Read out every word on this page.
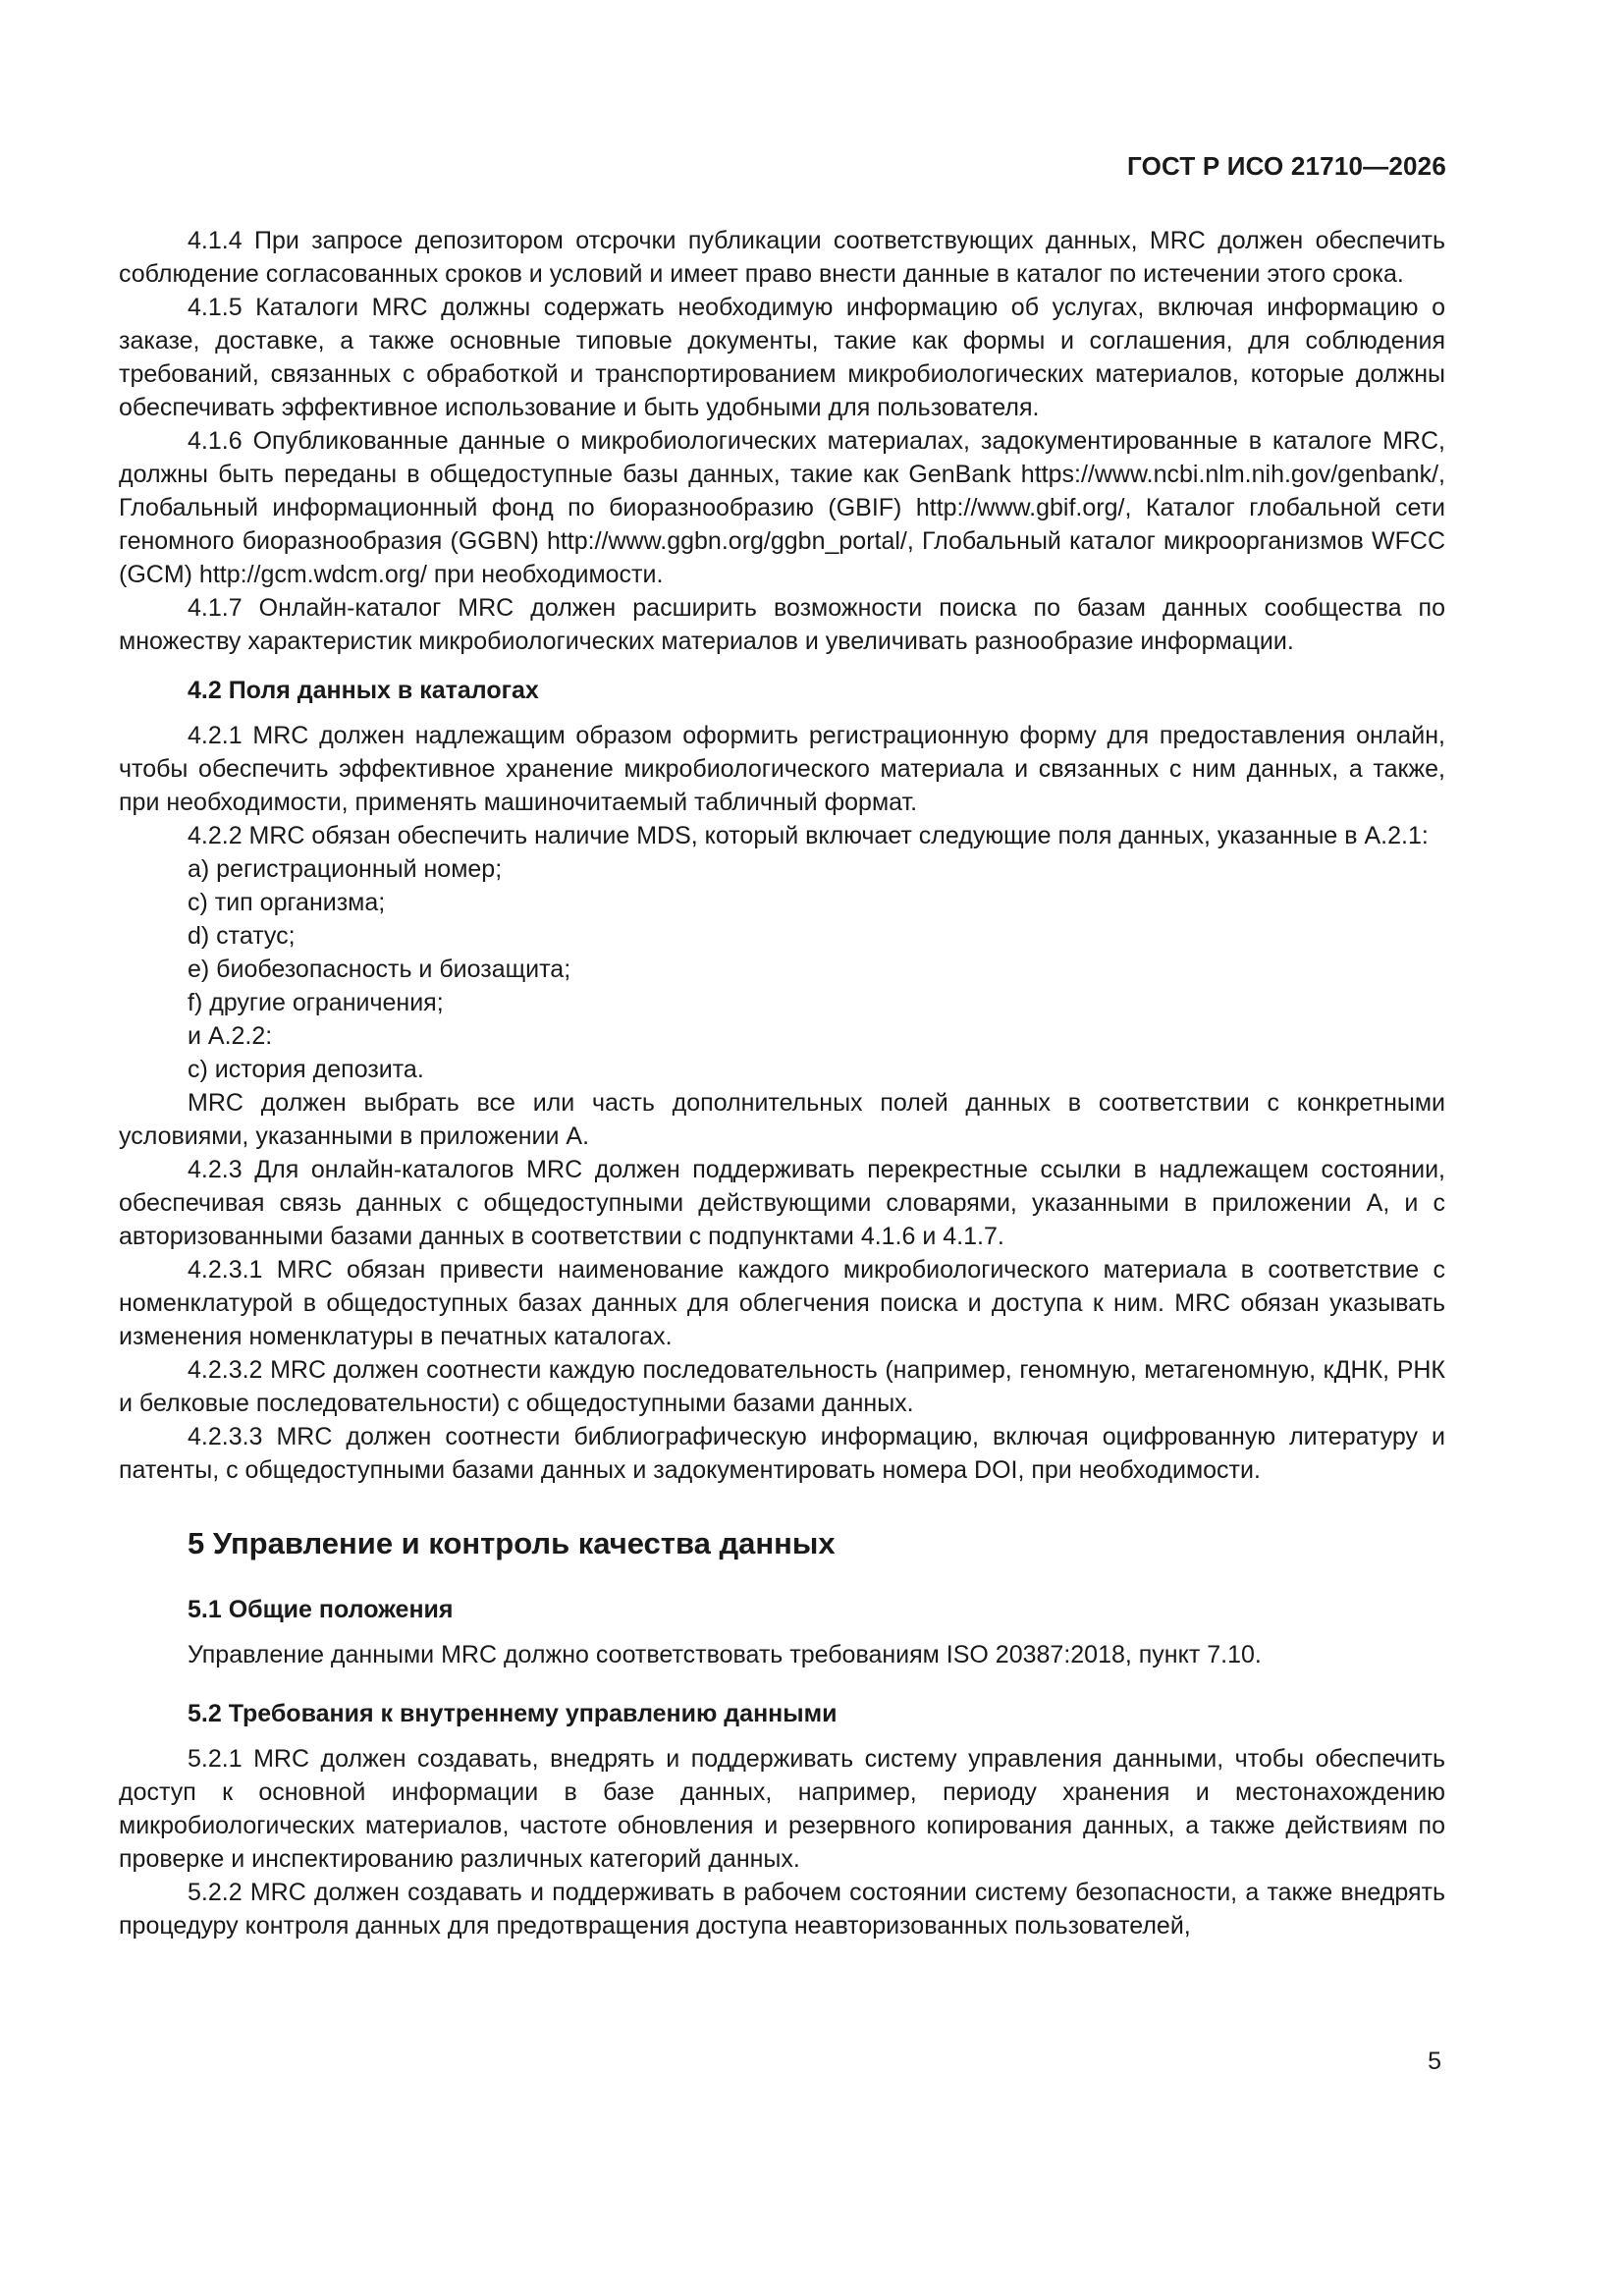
ГОСТ Р ИСО 21710—2026

4.1.4 При запросе депозитором отсрочки публикации соответствующих данных, MRC должен обеспечить соблюдение согласованных сроков и условий и имеет право внести данные в каталог по истечении этого срока.

4.1.5 Каталоги MRC должны содержать необходимую информацию об услугах, включая информацию о заказе, доставке, а также основные типовые документы, такие как формы и соглашения, для соблюдения требований, связанных с обработкой и транспортированием микробиологических материалов, которые должны обеспечивать эффективное использование и быть удобными для пользователя.

4.1.6 Опубликованные данные о микробиологических материалах, задокументированные в каталоге MRC, должны быть переданы в общедоступные базы данных, такие как GenBank https://www.ncbi.nlm.nih.gov/genbank/, Глобальный информационный фонд по биоразнообразию (GBIF) http://www.gbif.org/, Каталог глобальной сети геномного биоразнообразия (GGBN) http://www.ggbn.org/ggbn_portal/, Глобальный каталог микроорганизмов WFCC (GCM) http://gcm.wdcm.org/ при необходимости.

4.1.7 Онлайн-каталог MRC должен расширить возможности поиска по базам данных сообщества по множеству характеристик микробиологических материалов и увеличивать разнообразие информации.

4.2 Поля данных в каталогах

4.2.1 MRC должен надлежащим образом оформить регистрационную форму для предоставления онлайн, чтобы обеспечить эффективное хранение микробиологического материала и связанных с ним данных, а также, при необходимости, применять машиночитаемый табличный формат.

4.2.2 MRC обязан обеспечить наличие MDS, который включает следующие поля данных, указанные в А.2.1:

a) регистрационный номер;

c) тип организма;

d) статус;

e) биобезопасность и биозащита;

f) другие ограничения;

и А.2.2:

c) история депозита.

MRC должен выбрать все или часть дополнительных полей данных в соответствии с конкретными условиями, указанными в приложении А.

4.2.3 Для онлайн-каталогов MRC должен поддерживать перекрестные ссылки в надлежащем состоянии, обеспечивая связь данных с общедоступными действующими словарями, указанными в приложении А, и с авторизованными базами данных в соответствии с подпунктами 4.1.6 и 4.1.7.

4.2.3.1 MRC обязан привести наименование каждого микробиологического материала в соответствие с номенклатурой в общедоступных базах данных для облегчения поиска и доступа к ним. MRC обязан указывать изменения номенклатуры в печатных каталогах.

4.2.3.2 MRC должен соотнести каждую последовательность (например, геномную, метагеномную, кДНК, РНК и белковые последовательности) с общедоступными базами данных.

4.2.3.3 MRC должен соотнести библиографическую информацию, включая оцифрованную литературу и патенты, с общедоступными базами данных и задокументировать номера DOI, при необходимости.

5 Управление и контроль качества данных
5.1 Общие положения

Управление данными MRC должно соответствовать требованиям ISO 20387:2018, пункт 7.10.

5.2 Требования к внутреннему управлению данными

5.2.1 MRC должен создавать, внедрять и поддерживать систему управления данными, чтобы обеспечить доступ к основной информации в базе данных, например, периоду хранения и местонахождению микробиологических материалов, частоте обновления и резервного копирования данных, а также действиям по проверке и инспектированию различных категорий данных.

5.2.2 MRC должен создавать и поддерживать в рабочем состоянии систему безопасности, а также внедрять процедуру контроля данных для предотвращения доступа неавторизованных пользователей,

5
